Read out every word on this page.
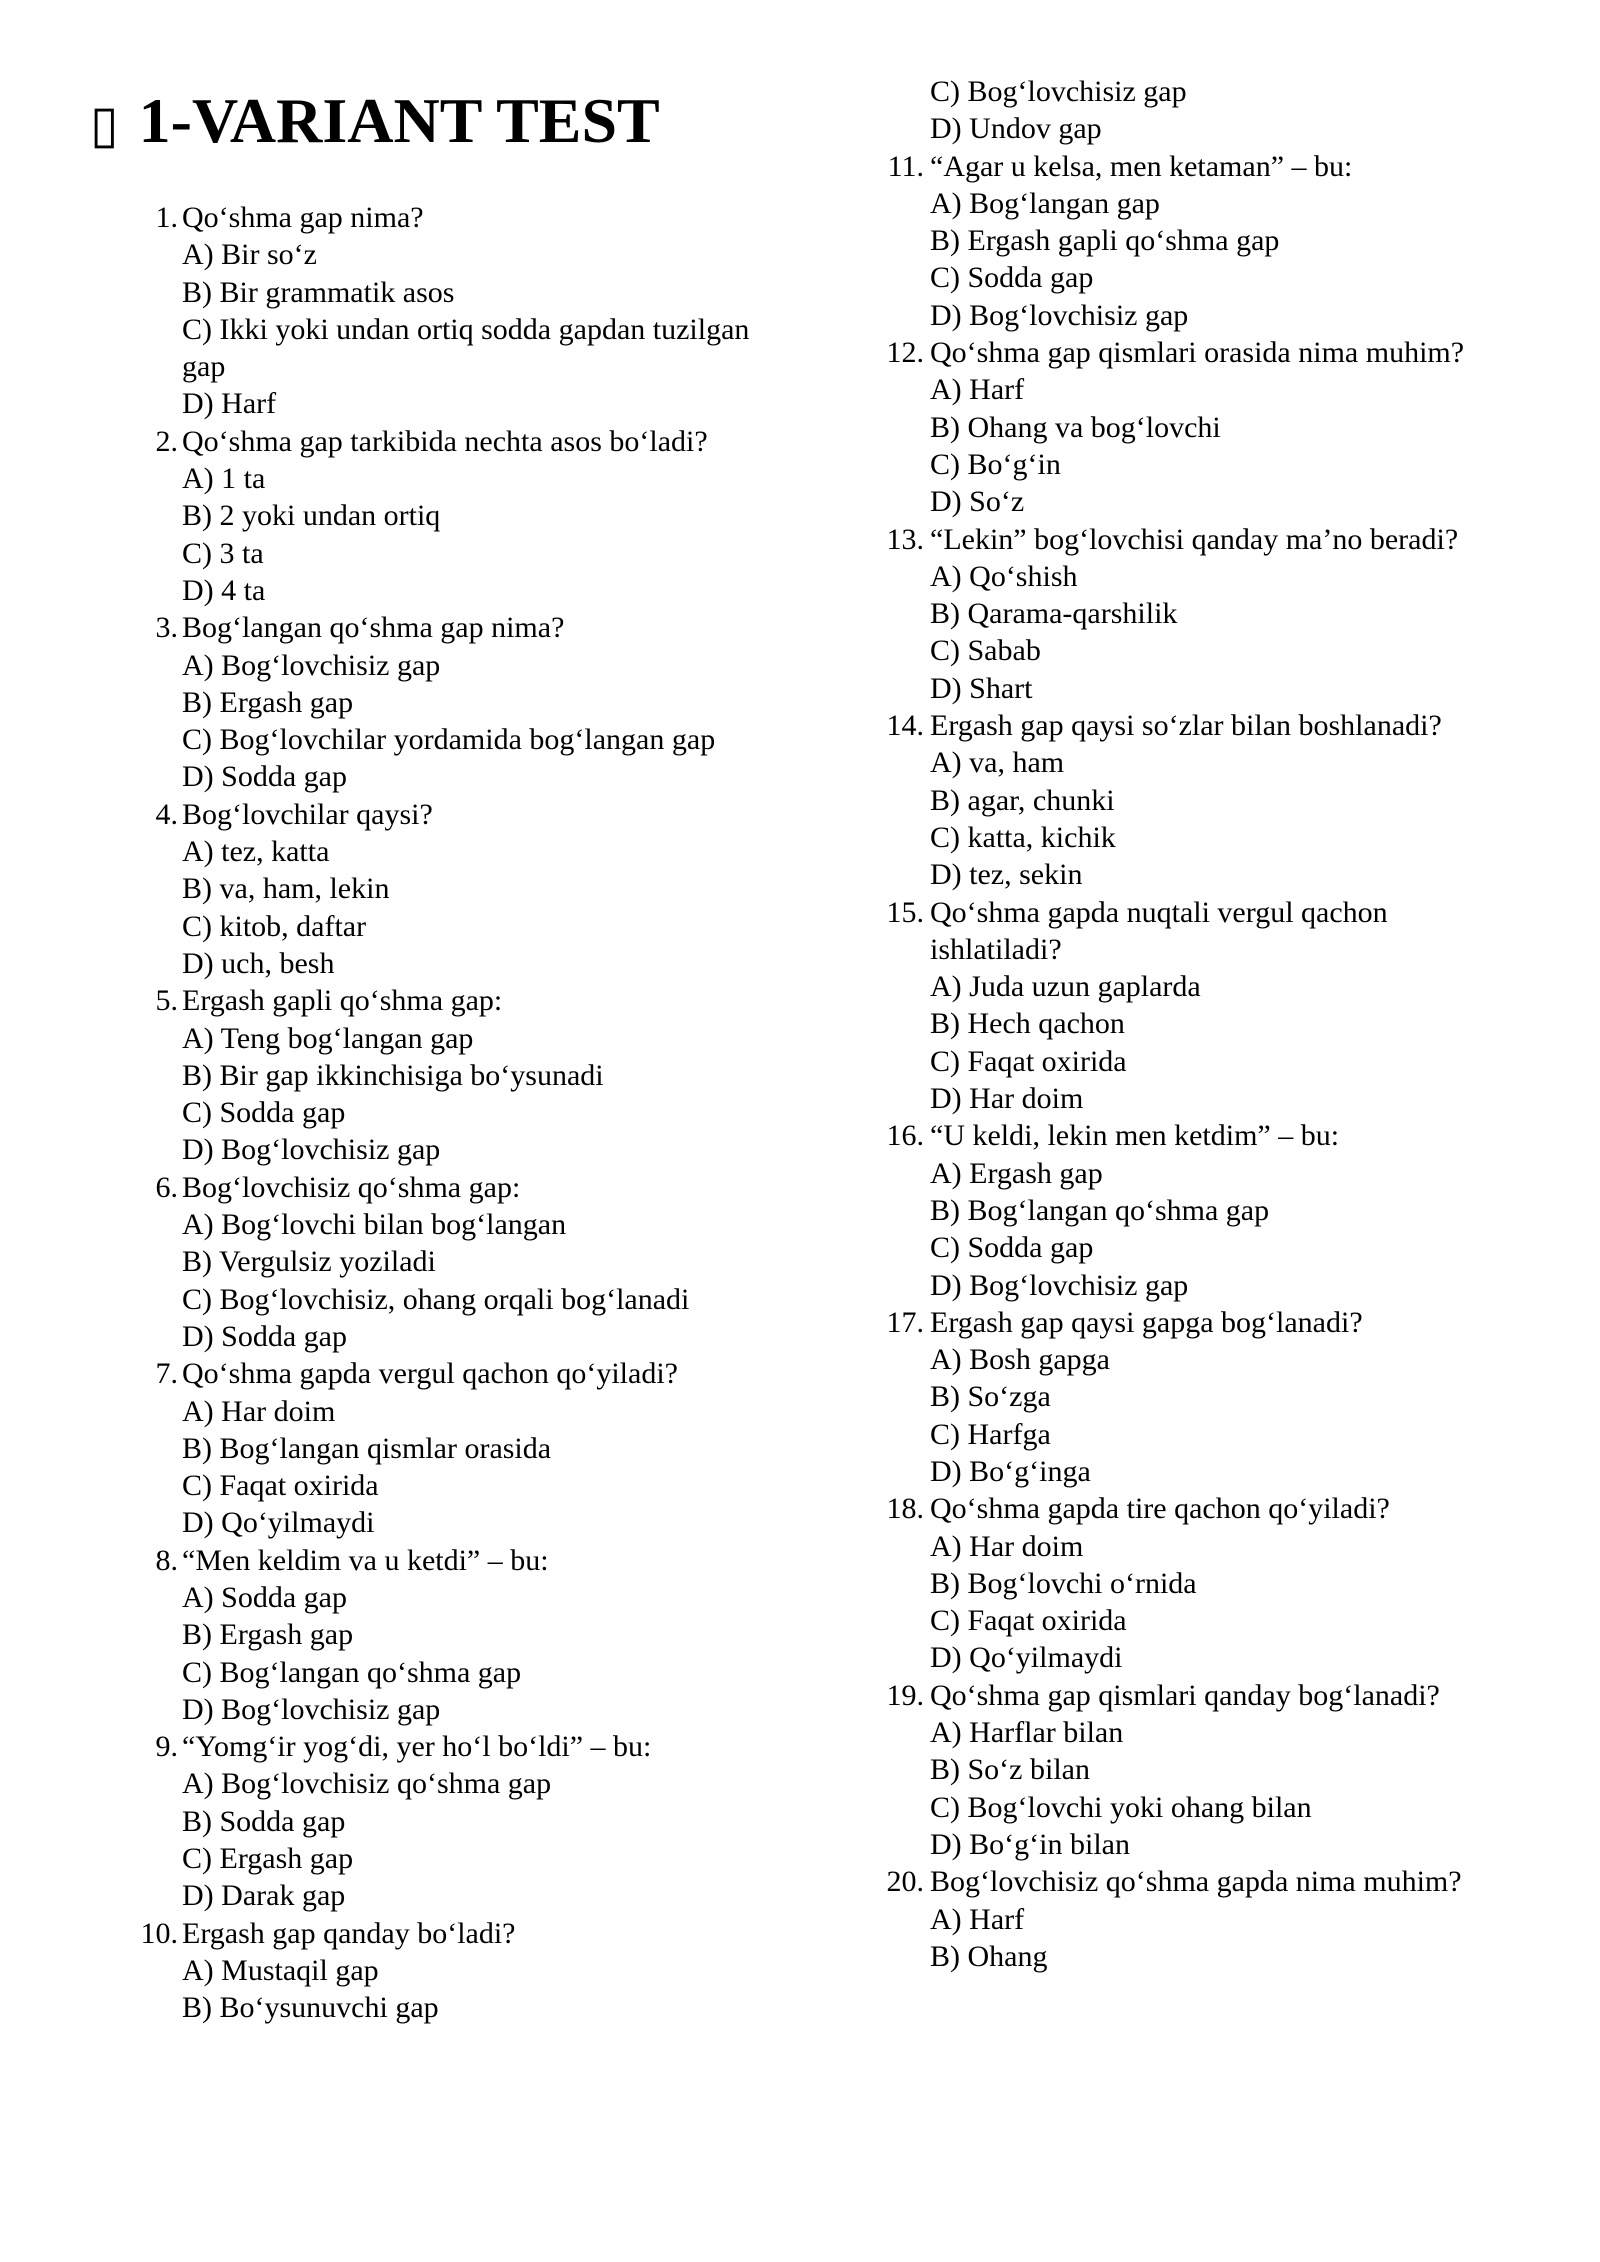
▯ 1-VARIANT TEST
1. Qo‘shma gap nima?
A) Bir so‘z
B) Bir grammatik asos
C) Ikki yoki undan ortiq sodda gapdan tuzilgan gap
D) Harf
2. Qo‘shma gap tarkibida nechta asos bo‘ladi?
A) 1 ta
B) 2 yoki undan ortiq
C) 3 ta
D) 4 ta
3. Bog‘langan qo‘shma gap nima?
A) Bog‘lovchisiz gap
B) Ergash gap
C) Bog‘lovchilar yordamida bog‘langan gap
D) Sodda gap
4. Bog‘lovchilar qaysi?
A) tez, katta
B) va, ham, lekin
C) kitob, daftar
D) uch, besh
5. Ergash gapli qo‘shma gap:
A) Teng bog‘langan gap
B) Bir gap ikkinchisiga bo‘ysunadi
C) Sodda gap
D) Bog‘lovchisiz gap
6. Bog‘lovchisiz qo‘shma gap:
A) Bog‘lovchi bilan bog‘langan
B) Vergulsiz yoziladi
C) Bog‘lovchisiz, ohang orqali bog‘lanadi
D) Sodda gap
7. Qo‘shma gapda vergul qachon qo‘yiladi?
A) Har doim
B) Bog‘langan qismlar orasida
C) Faqat oxirida
D) Qo‘yilmaydi
8. “Men keldim va u ketdi” – bu:
A) Sodda gap
B) Ergash gap
C) Bog‘langan qo‘shma gap
D) Bog‘lovchisiz gap
9. “Yomg‘ir yog‘di, yer ho‘l bo‘ldi” – bu:
A) Bog‘lovchisiz qo‘shma gap
B) Sodda gap
C) Ergash gap
D) Darak gap
10. Ergash gap qanday bo‘ladi?
A) Mustaqil gap
B) Bo‘ysunuvchi gap
C) Bog‘lovchisiz gap
D) Undov gap
11. “Agar u kelsa, men ketaman” – bu:
A) Bog‘langan gap
B) Ergash gapli qo‘shma gap
C) Sodda gap
D) Bog‘lovchisiz gap
12. Qo‘shma gap qismlari orasida nima muhim?
A) Harf
B) Ohang va bog‘lovchi
C) Bo‘g‘in
D) So‘z
13. “Lekin” bog‘lovchisi qanday ma’no beradi?
A) Qo‘shish
B) Qarama-qarshilik
C) Sabab
D) Shart
14. Ergash gap qaysi so‘zlar bilan boshlanadi?
A) va, ham
B) agar, chunki
C) katta, kichik
D) tez, sekin
15. Qo‘shma gapda nuqtali vergul qachon ishlatiladi?
A) Juda uzun gaplarda
B) Hech qachon
C) Faqat oxirida
D) Har doim
16. “U keldi, lekin men ketdim” – bu:
A) Ergash gap
B) Bog‘langan qo‘shma gap
C) Sodda gap
D) Bog‘lovchisiz gap
17. Ergash gap qaysi gapga bog‘lanadi?
A) Bosh gapga
B) So‘zga
C) Harfga
D) Bo‘g‘inga
18. Qo‘shma gapda tire qachon qo‘yiladi?
A) Har doim
B) Bog‘lovchi o‘rnida
C) Faqat oxirida
D) Qo‘yilmaydi
19. Qo‘shma gap qismlari qanday bog‘lanadi?
A) Harflar bilan
B) So‘z bilan
C) Bog‘lovchi yoki ohang bilan
D) Bo‘g‘in bilan
20. Bog‘lovchisiz qo‘shma gapda nima muhim?
A) Harf
B) Ohang
